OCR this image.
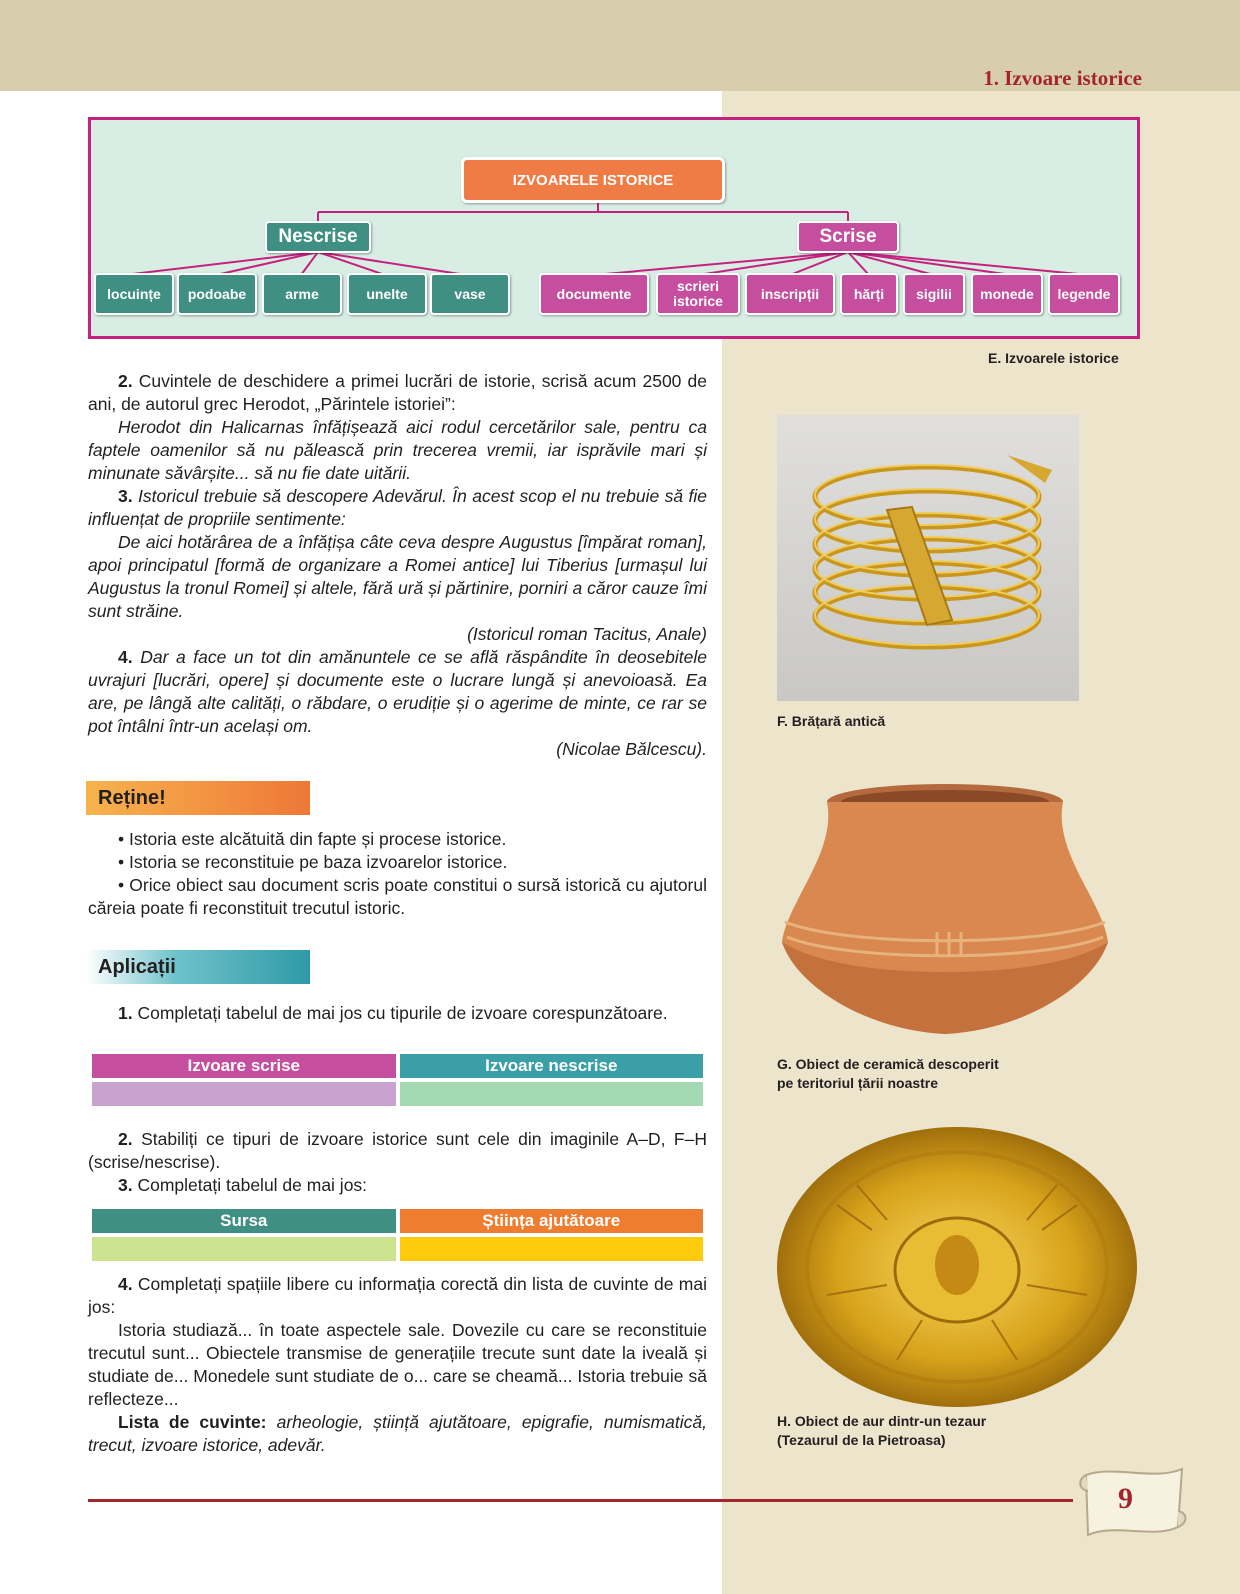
1. Izvoare istorice
IZVOAREL​E ISTORICE
Nescrise	Scrise
locuințe	podoabe	arme	unelte	vase	documente	scrieri istorice	inscripții	hărți	sigilii	monede	legende
E. Izvoarele istorice

2. Cuvintele de deschidere a primei lucrări de istorie, scrisă acum 2500 de ani, de autorul grec Herodot, „Părintele istoriei”:

Herodot din Halicarnas înfățișează aici rodul cercetărilor sale, pentru ca faptele oamenilor să nu pălească prin trecerea vremii, iar isprăvile mari și minunate săvârșite... să nu fie date uitării.

3. Istoricul trebuie să descopere Adevărul. În acest scop el nu trebuie să fie influențat de propriile sentimente:

De aici hotărârea de a înfățișa câte ceva despre Augustus [împărat roman], apoi principatul [formă de organizare a Romei antice] lui Tiberius [urmașul lui Augustus la tronul Romei] și altele, fără ură și părtinire, porniri a căror cauze îmi sunt străine.

(Istoricul roman Tacitus, Anale)

4. Dar a face un tot din amănuntele ce se află răspândite în deosebitele uvrajuri [lucrări, opere] și documente este o lucrare lungă și anevoioasă. Ea are, pe lângă alte calități, o răbdare, o erudiție și o agerime de minte, ce rar se pot întâlni într-un același om.

(Nicolae Bălcescu).

Reține!

• Istoria este alcătuită din fapte și procese istorice.

• Istoria se reconstituie pe baza izvoarelor istorice.

• Orice obiect sau document scris poate constitui o sursă istorică cu ajutorul căreia poate fi reconstituit trecutul istoric.

Aplicații

1. Completați tabelul de mai jos cu tipurile de izvoare corespunzătoare.

Izvoare scrise	Izvoare nescrise

2. Stabiliți ce tipuri de izvoare istorice sunt cele din imaginile A–D, F–H (scrise/nescrise).

3. Completați tabelul de mai jos:

Sursa	Știința ajutătoare

4. Completați spațiile libere cu informația corectă din lista de cuvinte de mai jos:

Istoria studiază... în toate aspectele sale. Dovezile cu care se reconstituie trecutul sunt... Obiectele transmise de generațiile trecute sunt date la iveală și studiate de... Monedele sunt studiate de o... care se cheamă... Istoria trebuie să reflecteze...

Lista de cuvinte: arheologie, știință ajutătoare, epigrafie, numismatică, trecut, izvoare istorice, adevăr.

F. Brățară antică
G. Obiect de ceramică descoperit
pe teritoriul țării noastre
H. Obiect de aur dintr-un tezaur
(Tezaurul de la Pietroasa)
9
